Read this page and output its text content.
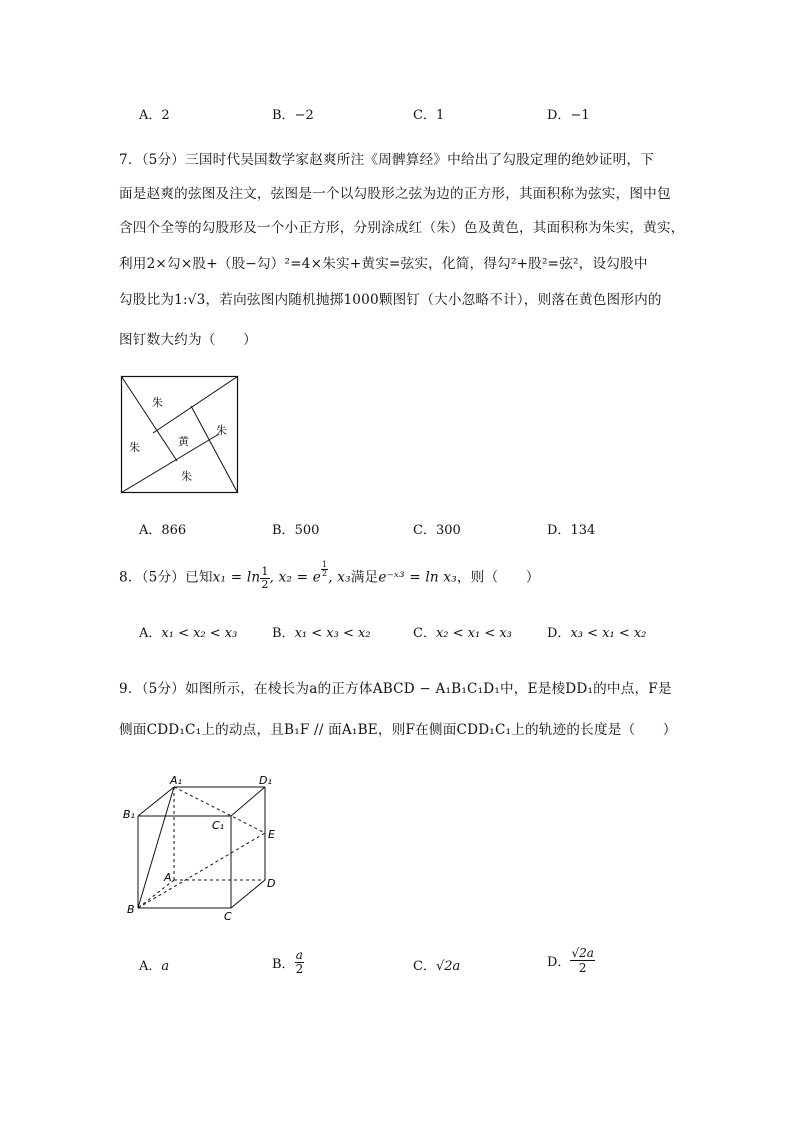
A．2	B．−2	C．1	D．−1
7．（5分）三国时代吴国数学家赵爽所注《周髀算经》中给出了勾股定理的绝妙证明，下
面是赵爽的弦图及注文，弦图是一个以勾股形之弦为边的正方形，其面积称为弦实，图中包
含四个全等的勾股形及一个小正方形，分别涂成红（朱）色及黄色，其面积称为朱实，黄实，
利用2×勾×股+（股−勾）²=4×朱实+黄实=弦实，化简，得勾²+股²=弦²，设勾股中
勾股比为1:√3，若向弦图内随机抛掷1000颗图钉（大小忽略不计），则落在黄色图形内的
图钉数大约为（　　）
朱
朱
朱
朱
黄
A．866	B．500	C．300	D．134
8．（5分）已知$x_1 = \ln \frac{1}{2}$ , x₂ = e $\frac{1}{2}$ , x₃满足e⁻ˣ³ = ln x₃，则（　　）
A．x₁ < x₂ < x₃	B．x₁ < x₃ < x₂	C．x₂ < x₁ < x₃	D．x₃ < x₁ < x₂
9．（5分）如图所示，在棱长为a的正方体ABCD − A₁B₁C₁D₁中，E是棱DD₁的中点，F是
侧面CDD₁C₁上的动点，且B₁F // 面A₁BE，则F在侧面CDD₁C₁上的轨迹的长度是（　　）
A₁	D₁
B₁
C₁
E
A	D
B
C
A．a	B． $\frac{a}{2}$	C．√2a	D． $\frac{√2a}{2}$
